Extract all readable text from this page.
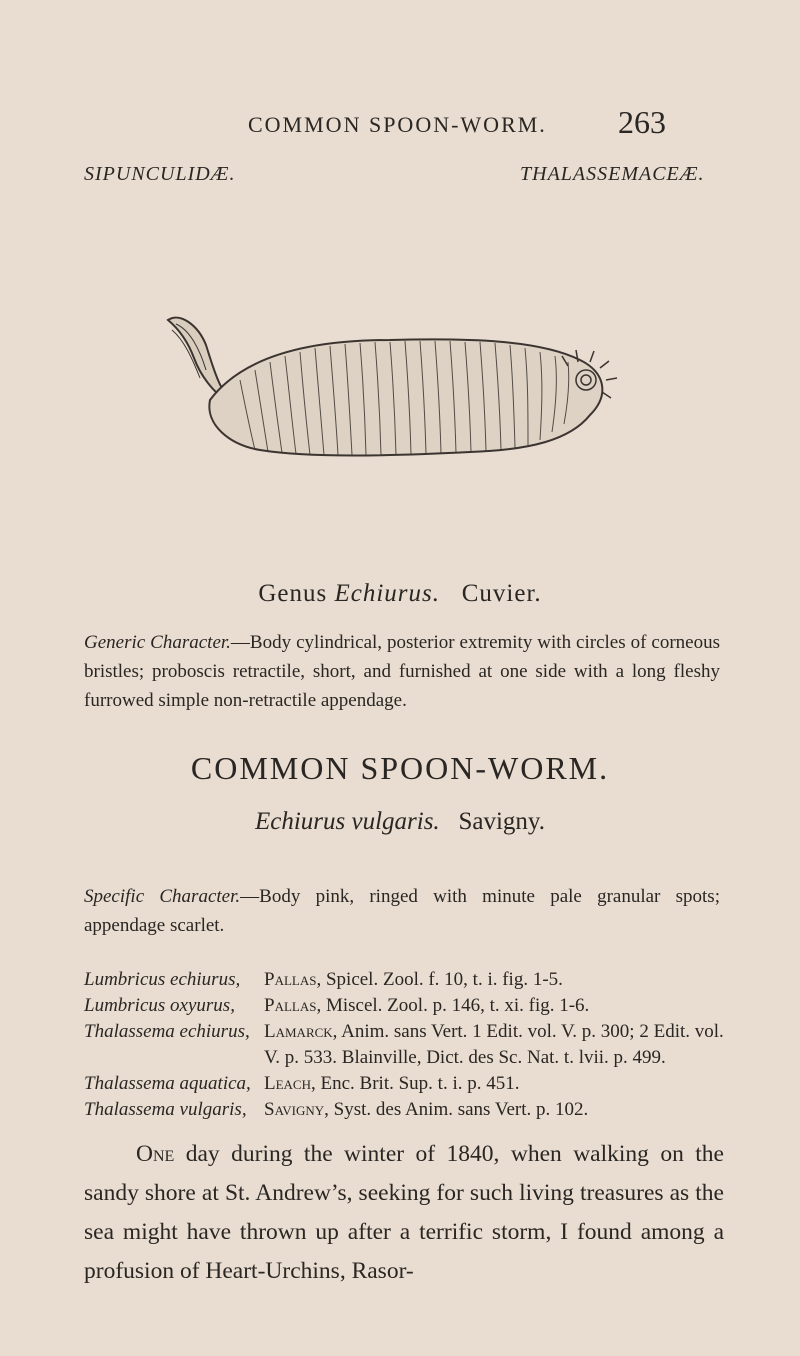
COMMON SPOON-WORM. 263
SIPUNCULIDÆ.	THALASSEMACEÆ.
Genus Echiurus. Cuvier.
Generic Character.—Body cylindrical, posterior extremity with circles of corneous bristles; proboscis retractile, short, and furnished at one side with a long fleshy furrowed simple non-retractile appendage.
COMMON SPOON-WORM.
Echiurus vulgaris. Savigny.
Specific Character.—Body pink, ringed with minute pale granular spots; appendage scarlet.
Lumbricus echiurus,	Pallas, Spicel. Zool. f. 10, t. i. fig. 1-5.
Lumbricus oxyurus,	Pallas, Miscel. Zool. p. 146, t. xi. fig. 1-6.
Thalassema echiurus, Lamarck, Anim. sans Vert. 1 Edit. vol. V. p. 300; 2 Edit. vol. V. p. 533. Blainville, Dict. des Sc. Nat. t. lvii. p. 499.
Thalassema aquatica, Leach, Enc. Brit. Sup. t. i. p. 451.
Thalassema vulgaris, Savigny, Syst. des Anim. sans Vert. p. 102.
One day during the winter of 1840, when walking on the sandy shore at St. Andrew’s, seeking for such living treasures as the sea might have thrown up after a terrific storm, I found among a profusion of Heart-Urchins, Rasor-
